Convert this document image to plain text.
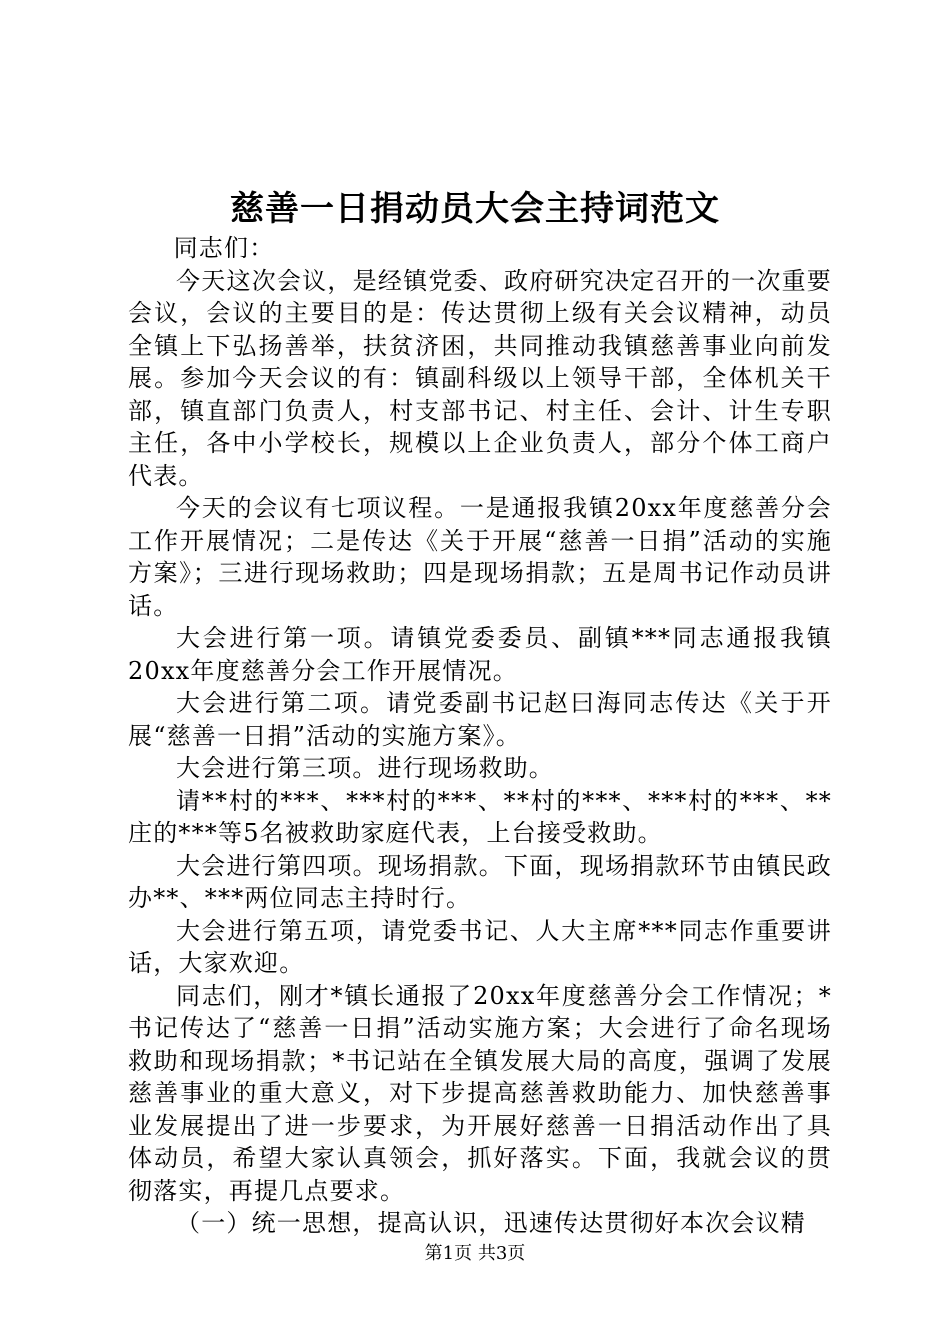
慈善一日捐动员大会主持词范文

同志们：

今天这次会议，是经镇党委、政府研究决定召开的一次重要会议，会议的主要目的是：传达贯彻上级有关会议精神，动员全镇上下弘扬善举，扶贫济困，共同推动我镇慈善事业向前发展。参加今天会议的有：镇副科级以上领导干部，全体机关干部，镇直部门负责人，村支部书记、村主任、会计、计生专职主任，各中小学校长，规模以上企业负责人，部分个体工商户代表。

今天的会议有七项议程。一是通报我镇20xx年度慈善分会工作开展情况；二是传达《关于开展“慈善一日捐”活动的实施方案》；三进行现场救助；四是现场捐款；五是周书记作动员讲话。

大会进行第一项。请镇党委委员、副镇***同志通报我镇20xx年度慈善分会工作开展情况。

大会进行第二项。请党委副书记赵曰海同志传达《关于开展“慈善一日捐”活动的实施方案》。

大会进行第三项。进行现场救助。

请**村的***、***村的***、**村的***、***村的***、**庄的***等5名被救助家庭代表，上台接受救助。

大会进行第四项。现场捐款。下面，现场捐款环节由镇民政办**、***两位同志主持时行。

大会进行第五项，请党委书记、人大主席***同志作重要讲话，大家欢迎。

同志们，刚才*镇长通报了20xx年度慈善分会工作情况；*书记传达了“慈善一日捐”活动实施方案；大会进行了命名现场救助和现场捐款；*书记站在全镇发展大局的高度，强调了发展慈善事业的重大意义，对下步提高慈善救助能力、加快慈善事业发展提出了进一步要求，为开展好慈善一日捐活动作出了具体动员，希望大家认真领会，抓好落实。下面，我就会议的贯彻落实，再提几点要求。

（一）统一思想，提高认识，迅速传达贯彻好本次会议精

第1页 共3页
